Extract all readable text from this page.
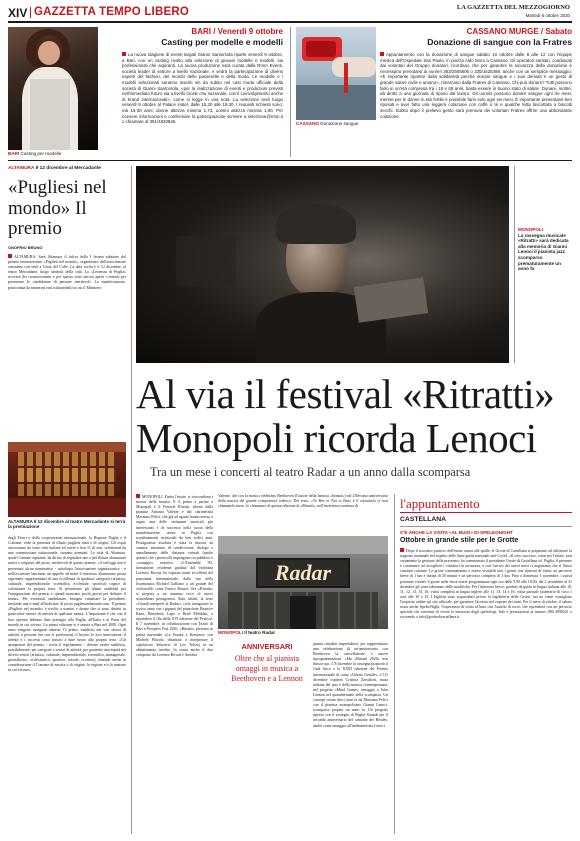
XIV GAZZETTA TEMPO LIBERO	LA GAZZETTA DEL MEZZOGIORNO
Martedì 6 ottobre 2020
BARI Casting per modelle
BARI / Venerdì 9 ottobre
Casting per modelle e modelli
La nuova stagione di eventi targati Gianni Santorsola riparte venerdì 9 ottobre, a Bari, con un casting rivolto alla selezione di giovani modelle e modelli, sia professionisti che aspiranti. La nuova produzione sarà curata dalla Rmm Eventi, società leader di settore a livello nazionale, e vedrà la partecipazione di diversi esperti del fashion, del mondo delle passerelle e della moda. Le modelle e i modelli selezionati saranno inseriti sin da subito nel cast moda ufficiale della società di Gianni Santorsola, «per la realizzazione di eventi e produzioni previsti nell'immediato futuro sia a livello locale che nazionale, con il coinvolgimento anche di brand internazionali», come si legge in una nota. La selezione avrà luogo venerdì 9 ottobre al Palace Hotel, dalle 15,30 alle 19,30. I requisiti richiesti sono: età 15-30 anni; donne altezza minima 1,73, uomini altezza minima 1,80. Per ricevere informazioni e confermare la partecipazione scrivere a selezione@rmm.it o chiamare al 391/4820846.
CASSANO MURGE / Sabato
Donazione di sangue con la Fratres
CASSANO Donazione sangue
Appuntamento con la donazione di sangue sabato 10 ottobre dalle 8 alle 12 con l'équipe medica dell'Ospedale San Paolo, in piazza Aldo Moro a Cassano. Gli operatori sanitari, coadiuvati dai volontari del Gruppo donatori, ricordano che per garantire la sicurezza della donazione è necessario prenotarsi ai numeri 363/2505606 o 335/1625498, anche con un semplice messaggio. «È importante ripartire dalla solidarietà perché donare sangue e i suoi derivati è un gesto di grande valore civile e umano», rimarcano dalla Fratres di Cassano. Chi può donare? Tutti possono farlo in un'età compresa tra i 18 e 65 anni, basta essere in buono stato di salute. Donare, inoltre, dà diritto a una giornata di riposo dal lavoro. Gli uomini possono donare sangue ogni tre mesi, mentre per le donne in età fertile è possibile farlo solo ogni sei mesi. È importante presentarsi ben riposati e aver fatto una leggera colazione con caffè o tè e qualche fetta biscottata o biscotti secchi. Subito dopo il prelievo gesto sarà premura dei volontari Fratres offrire una abbondante colazione.
ALTAMURA Il 12 dicembre al Mercadante
«Pugliesi nel mondo» Il premio
ONOFRIO BRUNO
ALTAMURA. Sarà Altamura il fulcro della I lesima edizione del premio internazionale «Pugliesi nel mondo», organizzato dall'associazione omonima con sede a Gioia del Colle. La data scelta è il 12 dicembre, al teatro Mercadante, luogo simbolo della città. La «Leonessa di Puglia» riceverà dei riconoscimenti e per questo sono ancora aperti i termini per presentare le candidature di persone meritevoli. La manifestazione, patrocinata da numerosi enti istituzionali tra cui il Ministero
ALTAMURA Il 12 dicembre al teatro Mercadante si terrà la premiazione
degli Esteri e della cooperazione internazionale, la Regione Puglia e il Comune, vede la presenza di illustri pugliesi natii e di origini. Gli ospiti arriveranno da varie città italiane ed estere e ben 11 di essi, selezionati da una commissione istituzionale, saranno premiati. La città di Altamura, quale Comune ospitante, ha diritto di segnalare uno o più illustri altamurani nativi o originari del posto, meritevoli di questo premio. «A tutt'oggi non è pervenuto alcun nominativo - sottolinea l'associazione organizzatrice - e nell'occasione lanciamo un appello affinché il territorio altamurano possa esprimere rappresentanti di una eccellenza di qualsiasi categoria (artistica, culturale, imprenditoriale, scientifica, ecclesiale, sportiva) capace di valorizzare la propria terra. Si presentano gli ultimi candidati per l'assegnazione del premio e quindi mancano pochi giorni per definire il nome». Per eventuali candidature, bisogna contattare la presidente, inviando una e-mail all'indirizzo di posta pugliesinelmondo.com. Il premio «Pugliesi nel mondo» è rivolto a uomini e donne che si sono distinti in particolare settore di attività di qualsiasi natura. L'importante è che con il loro operato abbiano dato prestigio alla Puglia, all'Italia e ai Paesi del mondo in cui vivono. La prima edizione si è tenuta a Bari nel 2008. Ogni anno vengono assegnati almeno 13 premi, suddivisi nei vari settori di attività, a persone che con le professioni, il lavoro, le loro innovazioni, il talento e i successi sono riusciti a dare lustro alla propria terra. «Gli assegnatari del premio - recita il regolamento - devono essere suddivisi, possibilmente, per categorie e settori di attività, per garantire una equità nei diversi settori (artistico, culturale, imprenditoriale, scientifico, manageriale, giornalistico, ecclesiastico, sportivo, sociale, eccetera), tenendo anche in considerazione il Comune di nascita o di origine, la regione e/o la nazione in cui vivono».
MONOPOLI
La rassegna musicale «Ritratti» sarà dedicata alla memoria di Gianni Lenoci il pianista jazz scomparso prematuramente un anno fa
Al via il festival «Ritratti»
Monopoli ricorda Lenoci
Tra un mese i concerti al teatro Radar a un anno dalla scomparsa
MONOPOLI. Finita l'estate, si riaccendono i motori della musica. E il primo a partire a Monopoli è il Festival Ritratti, diretto dalla pianista Antonia Valente e dal clarinettista Massimo Felici, che già ad agosto hanno messo a segno una delle settimane musicali più interessanti e di successo nella storia della manifestazione, attiva in Puglia con sconfinamenti territoriali da ben sedici anni. Protagonista assoluta è stata la musica da camera, sinonimo di condivisione, dialogo e annullamento delle distanze virtuali (anche queste) che i protocolli impongono tra pubblico e «contagio» emotivo. «L'Ensemble '95, formazione residente guidata dal violinista Lorenzo Rovati, ha ospitato nomi eccellenti del panorama internazionale, dalla star della fisarmonica Richard Galliano a un grande del violoncello come Enrico Bronzi. Ora «Ritratti» si prepara a un autunno ricco di nuovi straordinari protagonisti. Sarà, infatti, la serie «Grandi interpreti al Radar», ciclo inaugurato lo scorso anno con i giganti del pianoforte Beatrice Rana, Benedetto Lupo e Brad Mehldau, a riprendere il filo della XVI edizione del Festival. Il 7 novembre, in collaborazione con Teatro di Bari e Prospero Fest 2020, «Ritratti» presenta in prima nazionale «La Sonata a Kreutzer» con Michele Placido, chiamato a interpretare il capolavoro letterario di Lev Tolstoj in un abbattimento inedito. In scena anche il duo composto da Lorenzo Rovati e Antonia
Valente, che con la musica celebrano Beethoven (l'autore della famosa «Sonata») nel 250esimo anniversario della nascita del grande compositore tedesco. Del resto, «To Bee or Not to Bee» è il sottotitolo (e non chiamatelo mero, lo chiamano) di questa edizione di «Ritratti», nell'incertezza continua di
Radar
MONOPOLI Il teatro Radar
ANNIVERSARI
Oltre che al pianista omaggi in musica a Beethoven e a Lennon
quanti cittadini imprenditori, per rappresentare una celebrazione di un'anniversario con Beethoven la cancellazione o nuove riprogrammazioni. «Ma «Ritratti 2020» non finisce qui. L'8 dicembre la rassegna proporrà il Galà lirico e la XXIII edizione del Premio internazionale di canto «Valerio Gentile», e l'11 dicembre ospiterà Cristina Zavalloni, musa italiana del jazz e della musica contemporanea, nel progetto «Mind Game», omaggio a John Lennon nel quarantennale della scomparsa. Un concept creato dieci anni fa da Massimo Felici con il pianista monopolitano Gianni Lenoci, scomparso proprio un anno fa. Un progetto ripreso con il sostegno di Puglia Sounds per il secondo anniversario del cantante dei Beatles, anche come omaggio all'indimenticato Lenoci.
l'appuntamento
CASTELLANA
C'È ANCHE LA VISITA «AL BUIO» DI SPELEONIGHT
Ottobre in grande stile per le Grotte
Dopo il riscontro positivo dell'estate ormai alle spalle, le Grotte di Castellana si preparano ad affrontare la stagione autunnale nel rispetto delle linee guida nazionali anti-Covid. «Il vero successo, come per l'estate, sarà certamente la gestione delle presenze» ha commentato il presidente Grotte di Castellana srl. Puglia, il presente e continuare ad accogliere i visitatori in sicurezza, e con l'arrivo dei nuovi mesi ci auguriamo che il flusso continui costante. Le grotte continueranno a essere visitabili tutti i giorni con itinerari di visita: un percorso breve di 1 km e durata di 50 minuti e un percorso completo di 3 km. Fino a domenica 1 novembre, i turisti potranno visitare il grotte nelle fasce orarie programmate ogni ora dalle 9.00 alle 18.00; dal 2 novembre al 31 dicembre gli orari subiranno delle modifiche. Per l'itinerario breve, guidato da guida in lingua italiana alle 10, 11, 12, 13, 15, 16; visita completa in lingua inglese alle 11, 13, 14 e 16; visita parziale (itinerario di circa 1 ora) alle 10 e 15. I biglietti sono acquistabili presso la biglietteria delle Grotte, ma ne viene consigliato l'acquisto online sul sito ufficiale, per garantire l'accesso nel rispetto dei turni. Per il mese di ottobre, il sabato torna anche SpeleoNight, l'esperienza di visita al buio con l'ausilio di torce, che riprenderà con un percorso speciale che consente di vivere le emozioni degli speleologi. Info e prenotazioni al numero 080 4998221 o scrivendo a info@grottedicastellana.it.
